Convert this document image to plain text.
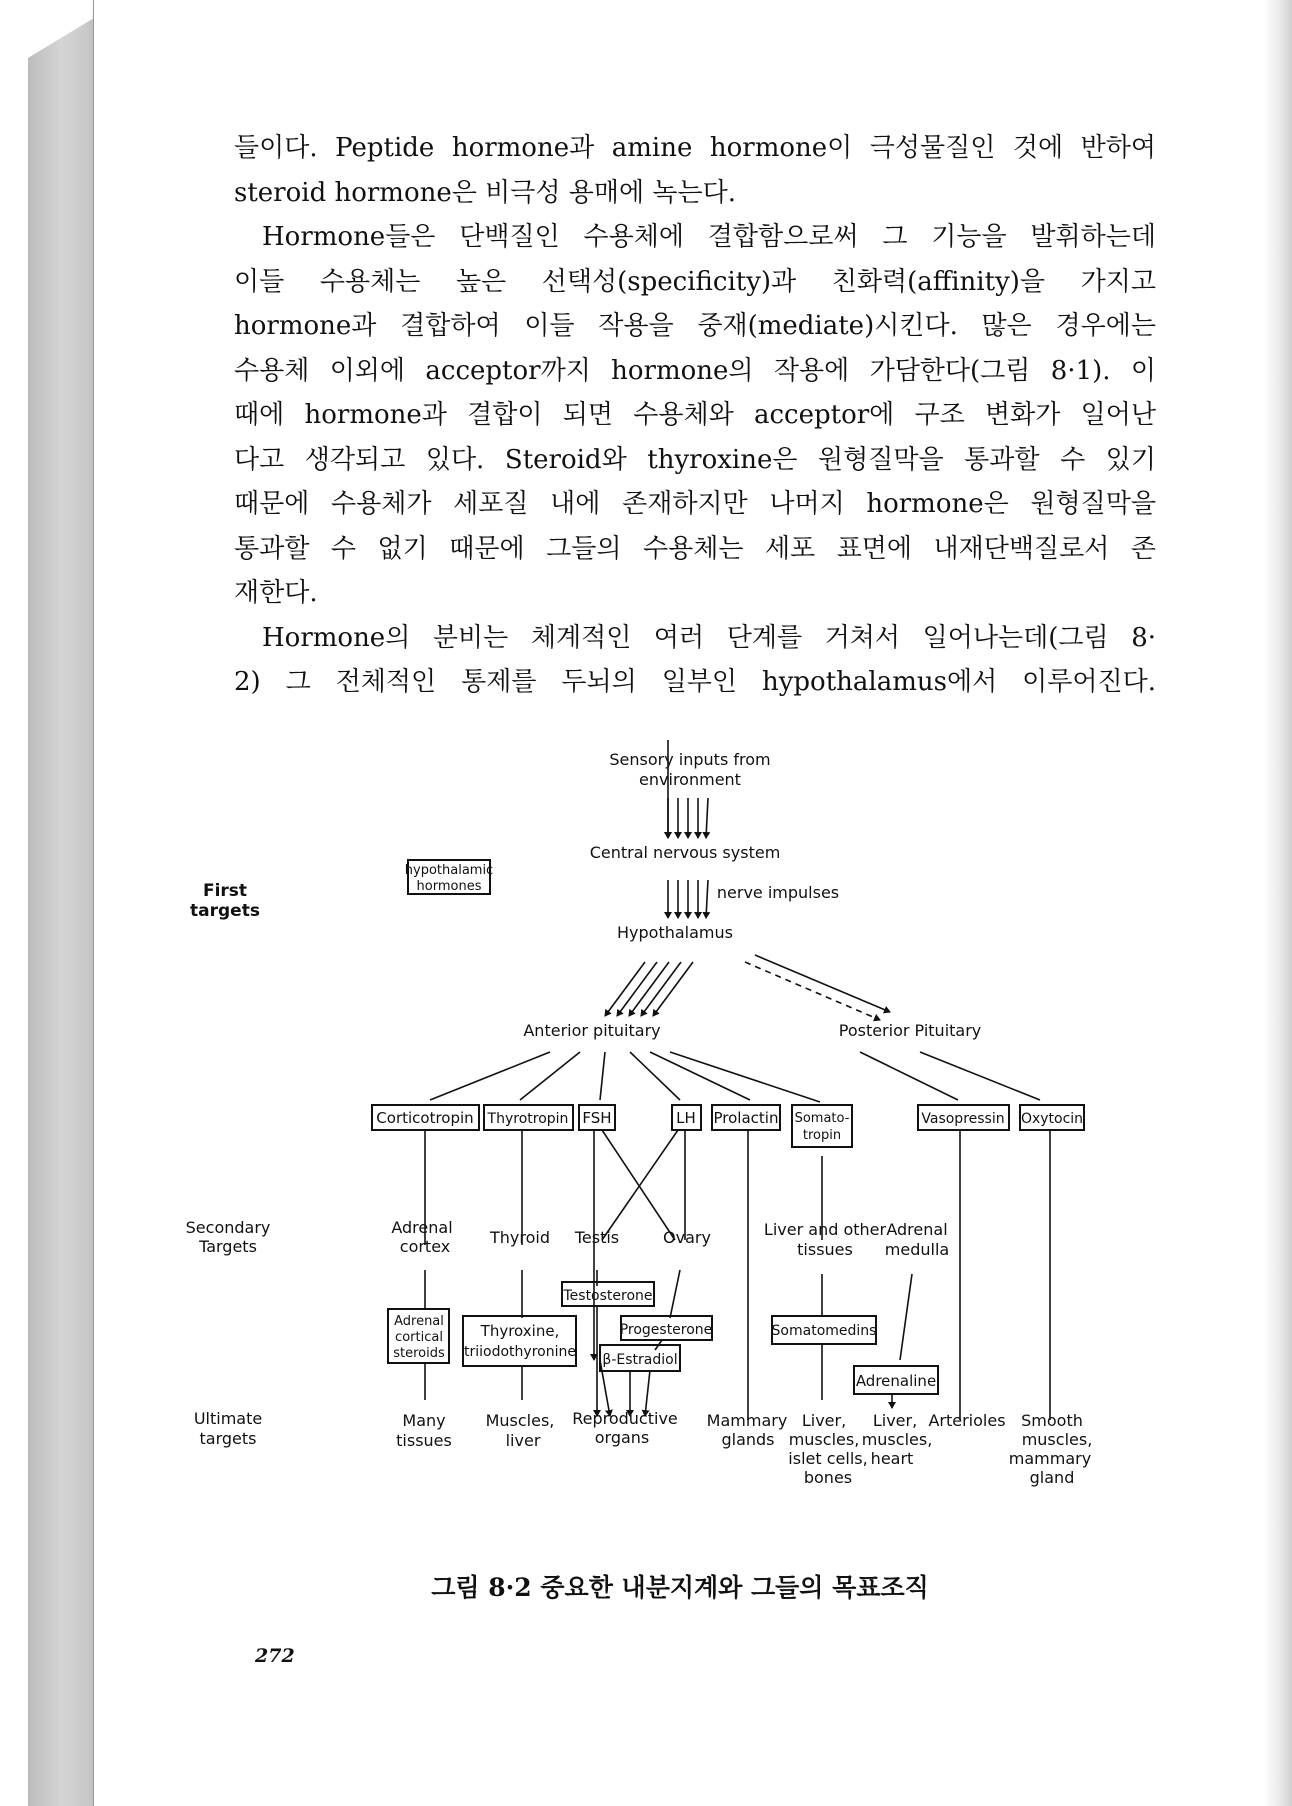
들이다. Peptide hormone과 amine hormone이 극성물질인 것에 반하여

steroid hormone은 비극성 용매에 녹는다.

Hormone들은 단백질인 수용체에 결합함으로써 그 기능을 발휘하는데

이들 수용체는 높은 선택성(specificity)과 친화력(affinity)을 가지고

hormone과 결합하여 이들 작용을 중재(mediate)시킨다. 많은 경우에는

수용체 이외에 acceptor까지 hormone의 작용에 가담한다(그림 8·1). 이

때에 hormone과 결합이 되면 수용체와 acceptor에 구조 변화가 일어난

다고 생각되고 있다. Steroid와 thyroxine은 원형질막을 통과할 수 있기

때문에 수용체가 세포질 내에 존재하지만 나머지 hormone은 원형질막을

통과할 수 없기 때문에 그들의 수용체는 세포 표면에 내재단백질로서 존

재한다.

Hormone의 분비는 체계적인 여러 단계를 거쳐서 일어나는데(그림 8·

2) 그 전체적인 통제를 두뇌의 일부인 hypothalamus에서 이루어진다.

Sensory inputs from
environment
Central nervous system
nerve impulses
Hypothalamus
hypothalamic
hormones
First
targets
Anterior pituitary	Posterior Pituitary
Corticotropin Thyrotropin FSH	LH Prolactin Somato-
tropin
Vasopressin Oxytocin
Secondary
Targets
Adrenal
cortex Thyroid Testis	Ovary	Liver and other
tissues
Adrenal
medulla
Testosterone
Adrenal
cortical
steroids
Thyroxine,
triiodothyronine
Progesterone
β-Estradiol
Somatomedins
Adrenaline
Ultimate
targets
Many
tissues
Muscles,
liver
Reproductive
organs
Mammary
glands
Liver,
muscles,
islet cells,
bones
Liver,
muscles,
heart
Arterioles Smooth
muscles,
mammary
gland
그림 8·2 중요한 내분지계와 그들의 목표조직
272
